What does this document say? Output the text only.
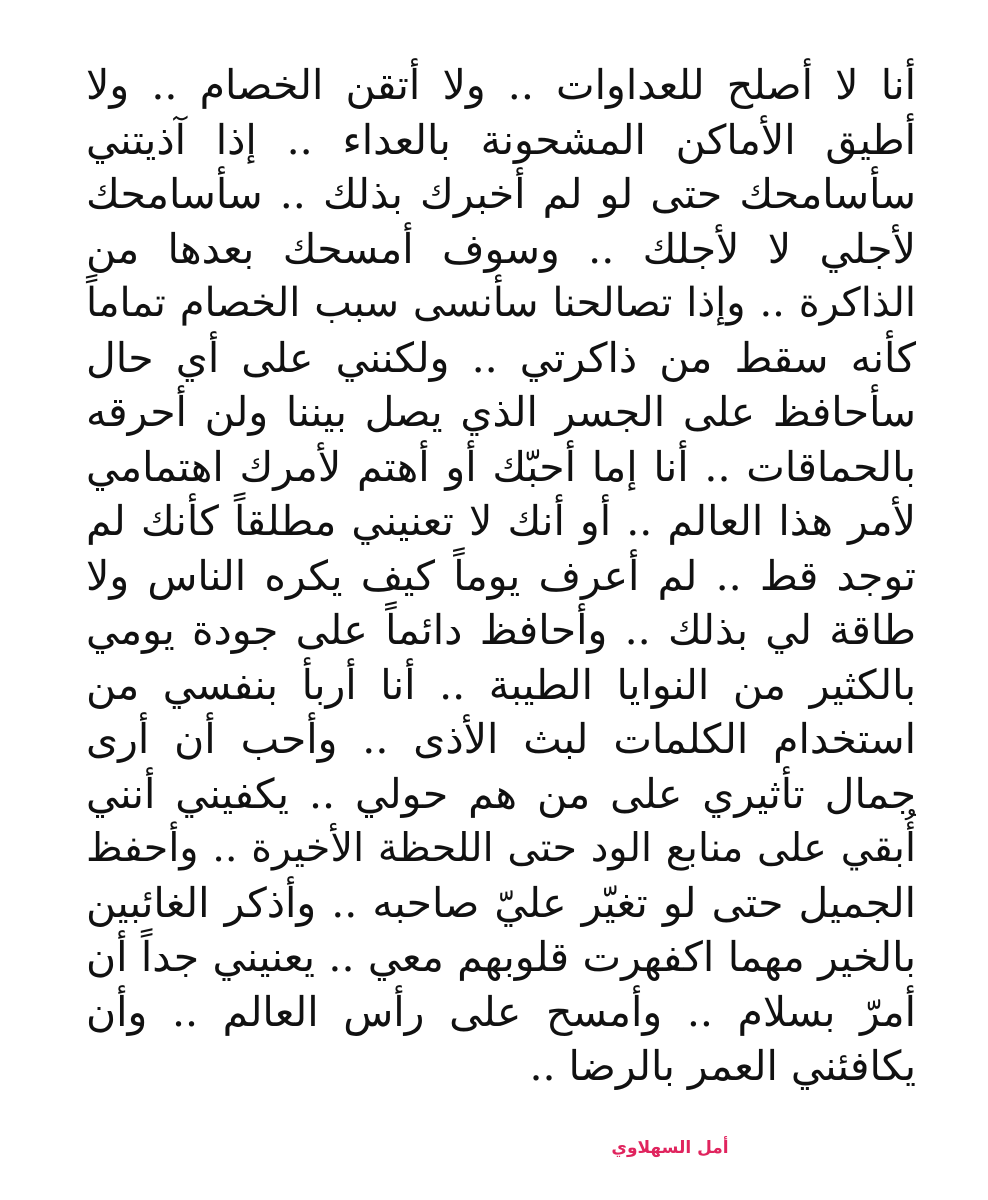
أنا لا أصلح للعداوات .. ولا أتقن الخصام .. ولا
أطيق الأماكن المشحونة بالعداء .. إذا آذيتني
سأسامحك حتى لو لم أخبرك بذلك .. سأسامحك
لأجلي لا لأجلك .. وسوف أمسحك بعدها من
الذاكرة .. وإذا تصالحنا سأنسى سبب الخصام تماماً
كأنه سقط من ذاكرتي .. ولكنني على أي حال
سأحافظ على الجسر الذي يصل بيننا ولن أحرقه
بالحماقات .. أنا إما أحبّك أو أهتم لأمرك اهتمامي
لأمر هذا العالم .. أو أنك لا تعنيني مطلقاً كأنك لم
توجد قط .. لم أعرف يوماً كيف يكره الناس ولا
طاقة لي بذلك .. وأحافظ دائماً على جودة يومي
بالكثير من النوايا الطيبة .. أنا أربأ بنفسي من
استخدام الكلمات لبث الأذى .. وأحب أن أرى
جمال تأثيري على من هم حولي .. يكفيني أنني
أُبقي على منابع الود حتى اللحظة الأخيرة .. وأحفظ
الجميل حتى لو تغيّر عليّ صاحبه .. وأذكر الغائبين
بالخير مهما اكفهرت قلوبهم معي .. يعنيني جداً أن
أمرّ بسلام .. وأمسح على رأس العالم .. وأن
يكافئني العمر بالرضا ..
أمل السهلاوي
